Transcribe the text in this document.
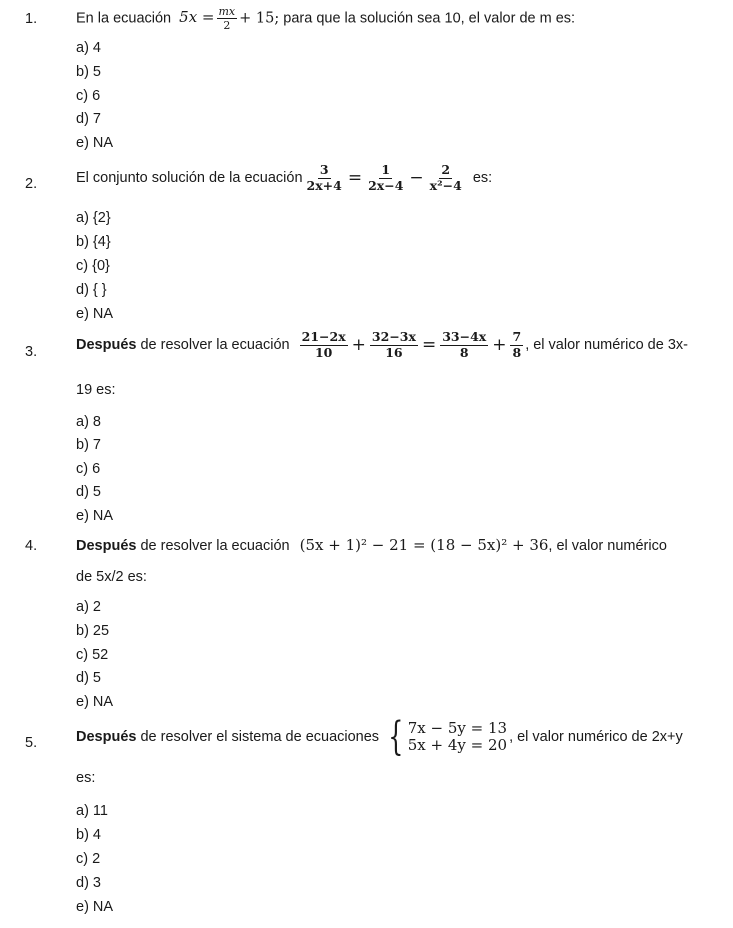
1.	En la ecuación $5x = \frac{mx}{2} + 15$; para que la solución sea 10, el valor de m es:
a) 4
b) 5
c) 6
d) 7
e) NA
2.	El conjunto solución de la ecuación $\frac{3}{2x+4} = \frac{1}{2x-4} - \frac{2}{\text{x²−4}}$ es:
a) {2}
b) {4}
c) {0}
d) { }
e) NA
3.	Después de resolver la ecuación $\frac{21-2x}{10} + \frac{32-3x}{16} = \frac{33-4x}{8} + \frac{7}{8}$ , el valor numérico de 3x-
19 es:
a) 8
b) 7
c) 6
d) 5
e) NA
4.	Después de resolver la ecuación (5x + 1)² − 21 = (18 − 5x)² + 36, el valor numérico
de 5x/2 es:
a) 2
b) 25
c) 52
d) 5
e) NA
5.	Después de resolver el sistema de ecuaciones { 7x − 5y = 13
5x + 4y = 20 , el valor numérico de 2x+y
es:
a) 11
b) 4
c) 2
d) 3
e) NA
